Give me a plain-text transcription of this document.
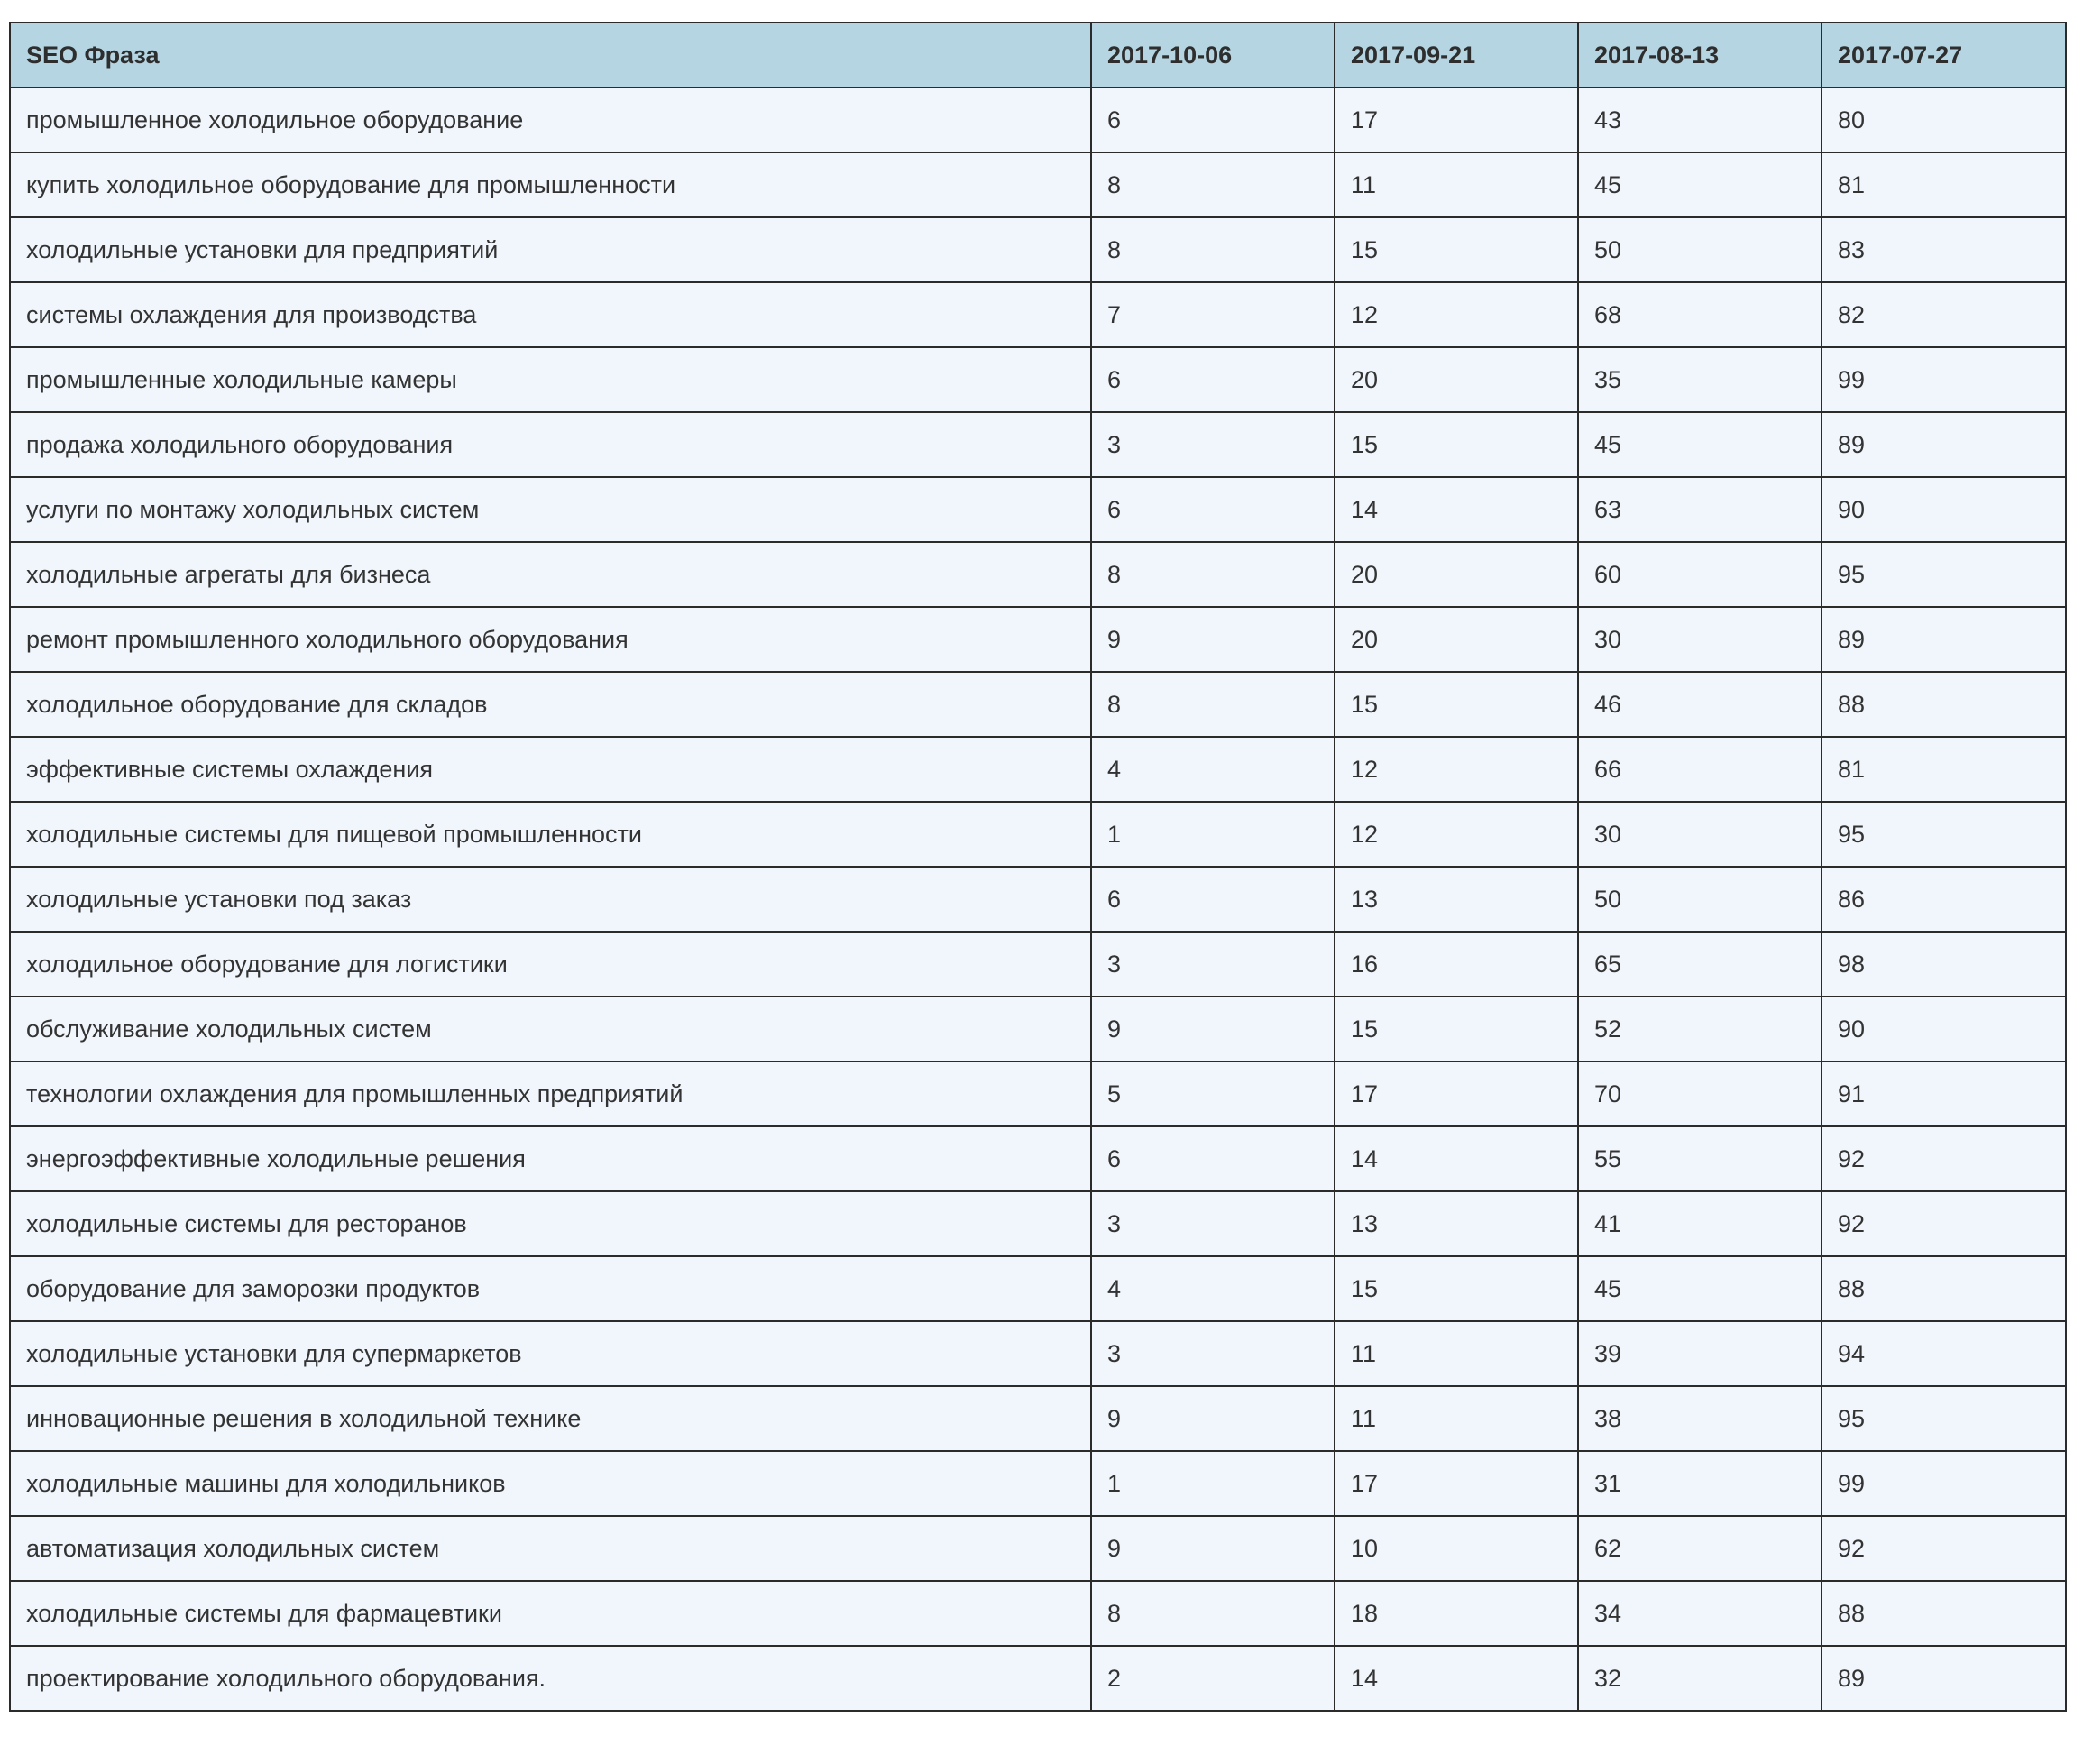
SEO Фраза	2017-10-06	2017-09-21	2017-08-13	2017-07-27
промышленное холодильное оборудование	6	17	43	80
купить холодильное оборудование для промышленности	8	11	45	81
холодильные установки для предприятий	8	15	50	83
системы охлаждения для производства	7	12	68	82
промышленные холодильные камеры	6	20	35	99
продажа холодильного оборудования	3	15	45	89
услуги по монтажу холодильных систем	6	14	63	90
холодильные агрегаты для бизнеса	8	20	60	95
ремонт промышленного холодильного оборудования	9	20	30	89
холодильное оборудование для складов	8	15	46	88
эффективные системы охлаждения	4	12	66	81
холодильные системы для пищевой промышленности	1	12	30	95
холодильные установки под заказ	6	13	50	86
холодильное оборудование для логистики	3	16	65	98
обслуживание холодильных систем	9	15	52	90
технологии охлаждения для промышленных предприятий	5	17	70	91
энергоэффективные холодильные решения	6	14	55	92
холодильные системы для ресторанов	3	13	41	92
оборудование для заморозки продуктов	4	15	45	88
холодильные установки для супермаркетов	3	11	39	94
инновационные решения в холодильной технике	9	11	38	95
холодильные машины для холодильников	1	17	31	99
автоматизация холодильных систем	9	10	62	92
холодильные системы для фармацевтики	8	18	34	88
проектирование холодильного оборудования.	2	14	32	89
